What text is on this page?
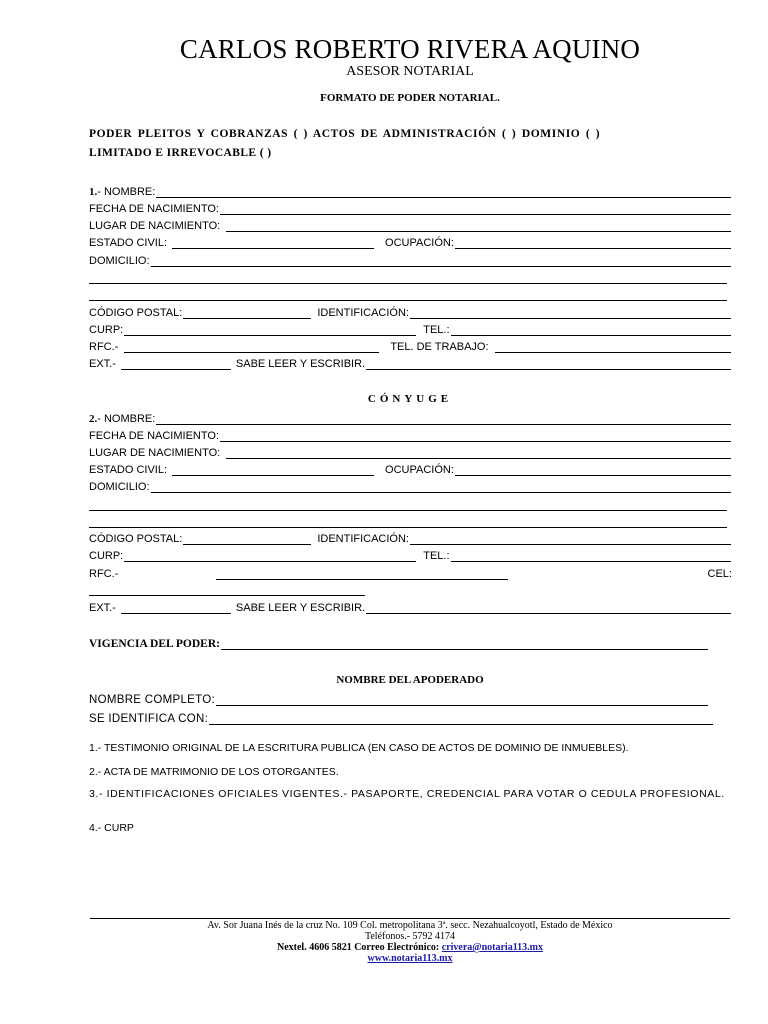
CARLOS ROBERTO RIVERA AQUINO
ASESOR NOTARIAL
FORMATO DE PODER NOTARIAL.
PODER PLEITOS Y COBRANZAS ( ) ACTOS DE ADMINISTRACIÓN ( ) DOMINIO ( )
LIMITADO E IRREVOCABLE ( )
1. - NOMBRE:
FECHA DE NACIMIENTO:
LUGAR DE NACIMIENTO:
ESTADO CIVIL:	OCUPACIÓN:
DOMICILIO:
CÓDIGO POSTAL:	IDENTIFICACIÓN:
CURP:	TEL.:
RFC.-	TEL. DE TRABAJO:
EXT.-	SABE LEER Y ESCRIBIR.
CÓNYUGE
2. - NOMBRE:
FECHA DE NACIMIENTO:
LUGAR DE NACIMIENTO:
ESTADO CIVIL:	OCUPACIÓN:
DOMICILIO:
CÓDIGO POSTAL:	IDENTIFICACIÓN:
CURP:	TEL.:
RFC.-	CEL:
EXT.-	SABE LEER Y ESCRIBIR.
VIGENCIA DEL PODER:
NOMBRE DEL APODERADO
NOMBRE COMPLETO:
SE IDENTIFICA CON:
1.- TESTIMONIO ORIGINAL DE LA ESCRITURA PUBLICA (EN CASO DE ACTOS DE DOMINIO DE INMUEBLES).
2.- ACTA DE MATRIMONIO DE LOS OTORGANTES.
3.- IDENTIFICACIONES OFICIALES VIGENTES.- PASAPORTE, CREDENCIAL PARA VOTAR O CEDULA PROFESIONAL.
4.- CURP
Av. Sor Juana Inés de la cruz No. 109 Col. metropolitana 3ª. secc. Nezahualcoyotl, Estado de México
Teléfonos.- 5792 4174
Nextel. 4606 5821 Correo Electrónico: crivera@notaria113.mx
www.notaria113.mx
